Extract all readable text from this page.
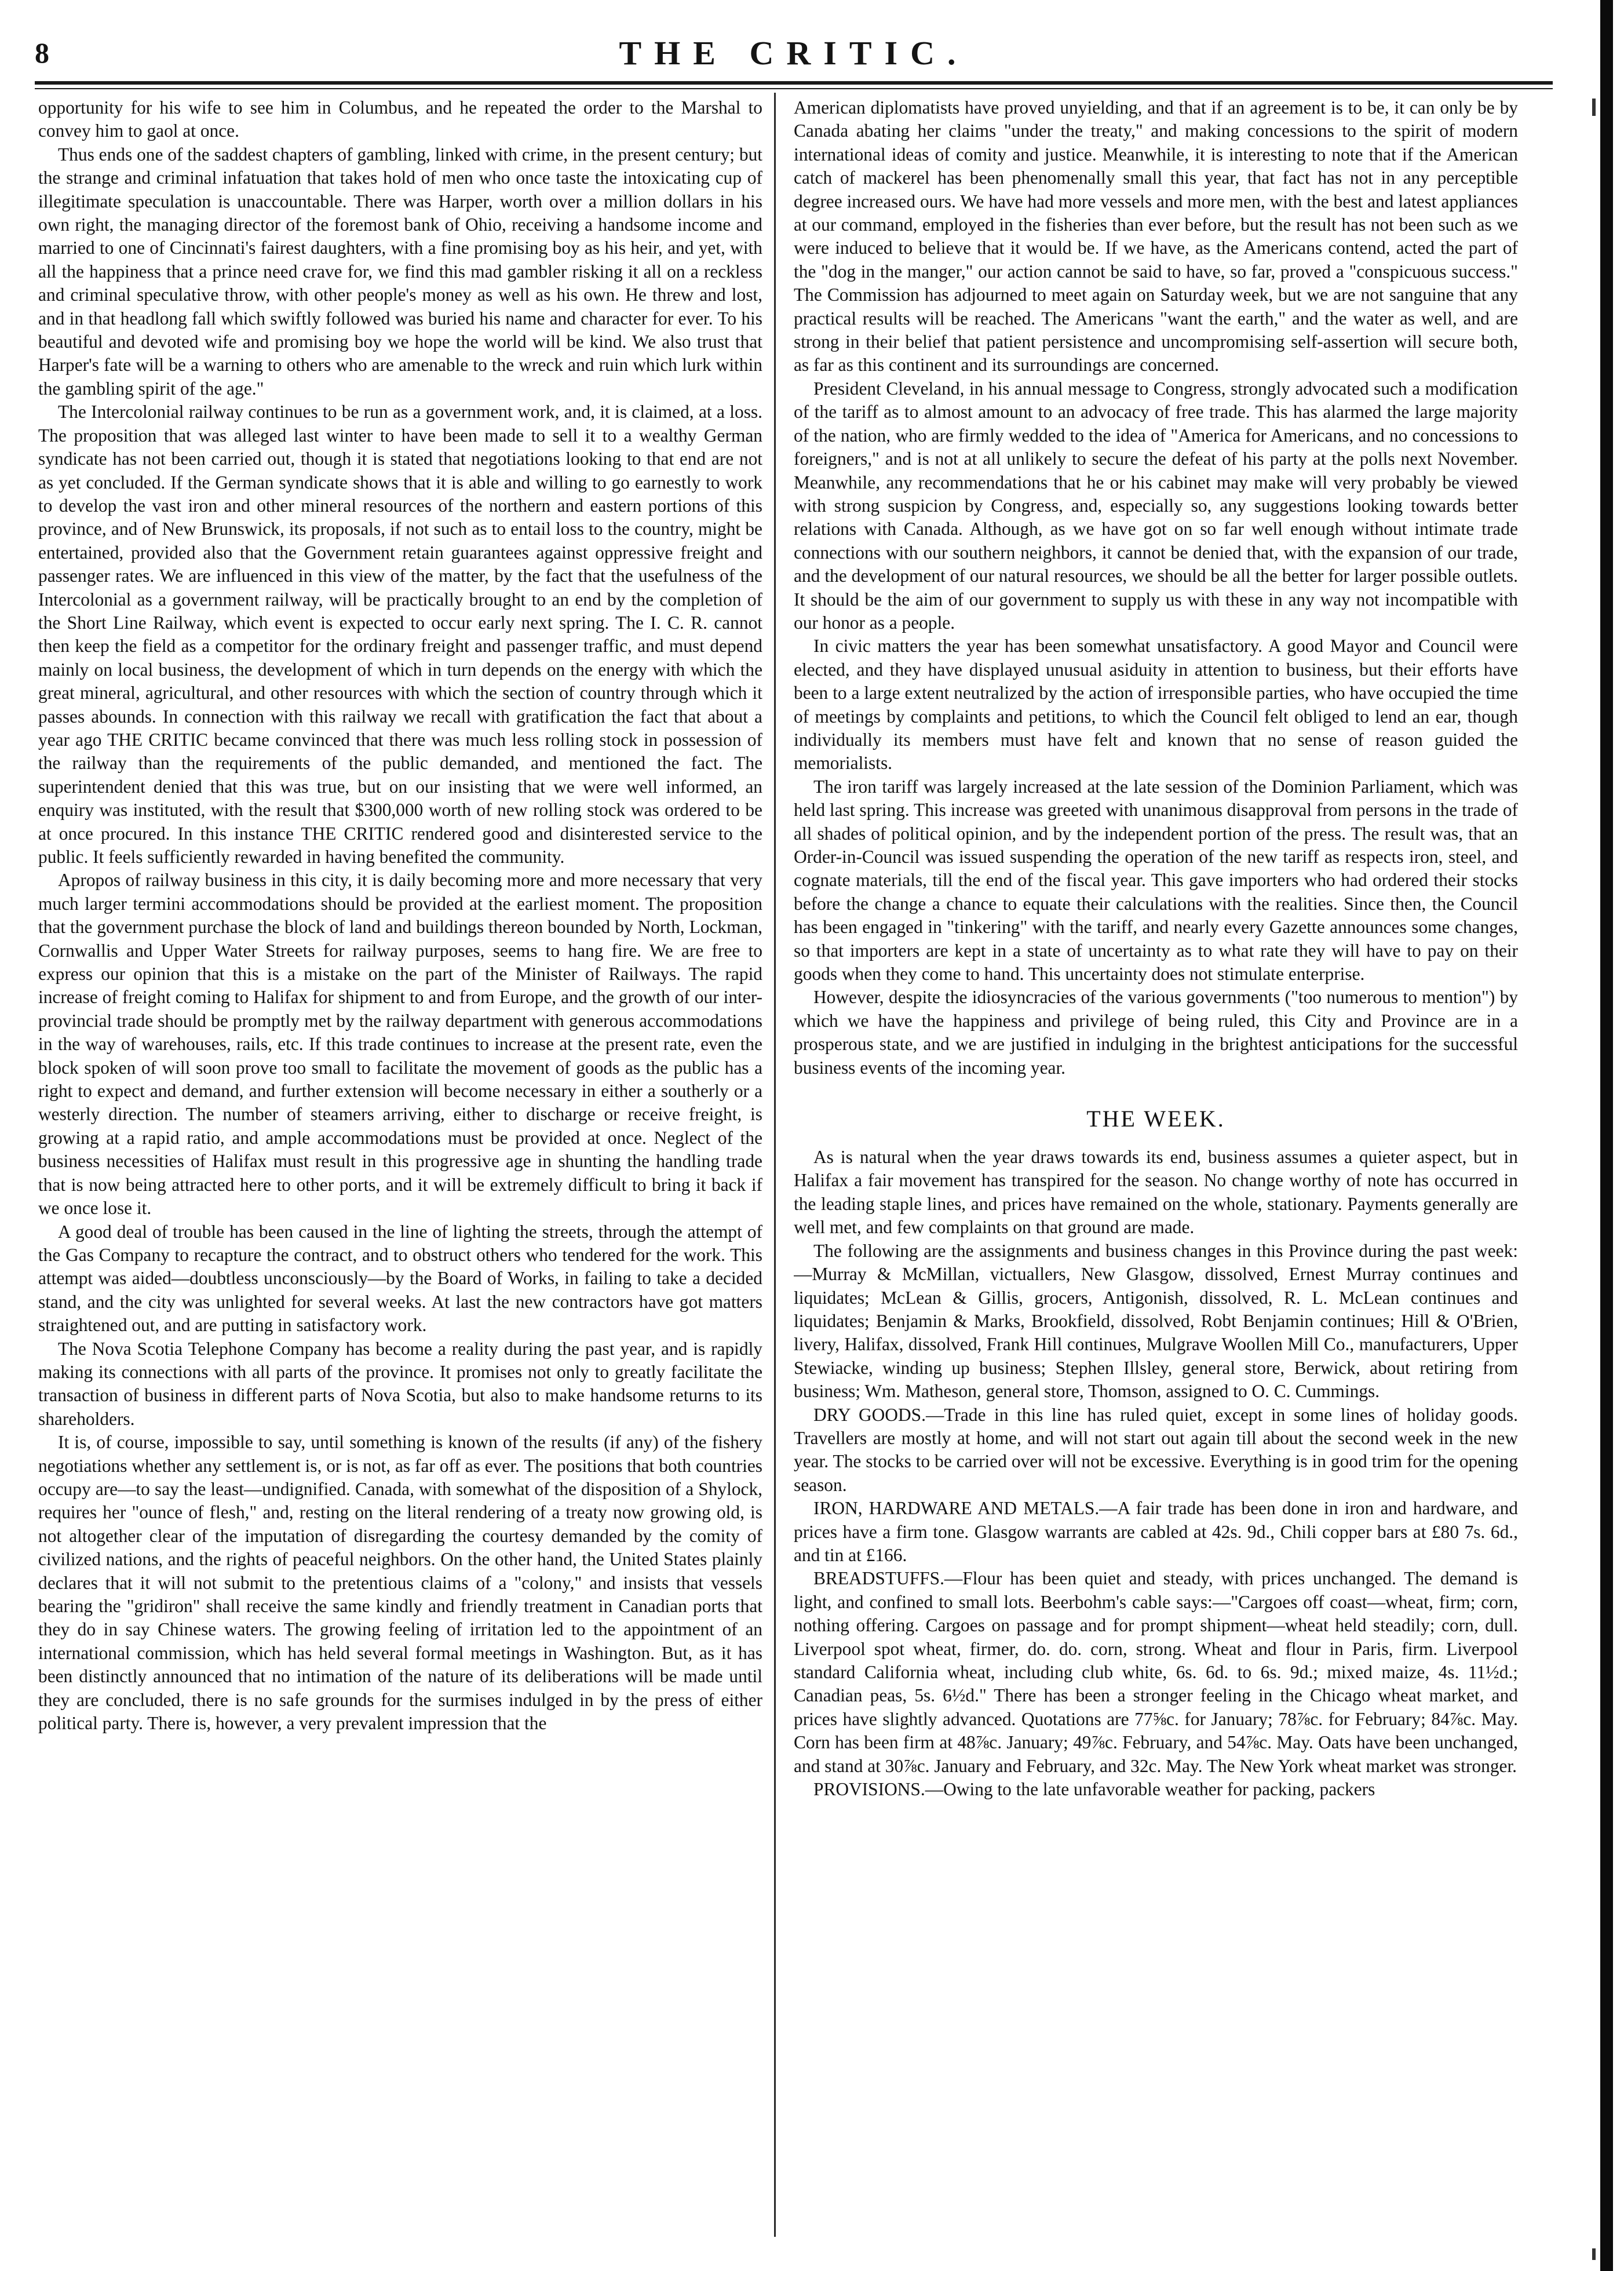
8	THE CRITIC.

opportunity for his wife to see him in Columbus, and he repeated the order to the Marshal to convey him to gaol at once.

Thus ends one of the saddest chapters of gambling, linked with crime, in the present century; but the strange and criminal infatuation that takes hold of men who once taste the intoxicating cup of illegitimate speculation is unaccountable. There was Harper, worth over a million dollars in his own right, the managing director of the foremost bank of Ohio, receiving a handsome income and married to one of Cincinnati's fairest daughters, with a fine promising boy as his heir, and yet, with all the happiness that a prince need crave for, we find this mad gambler risking it all on a reckless and criminal speculative throw, with other people's money as well as his own. He threw and lost, and in that headlong fall which swiftly followed was buried his name and character for ever. To his beautiful and devoted wife and promising boy we hope the world will be kind. We also trust that Harper's fate will be a warning to others who are amenable to the wreck and ruin which lurk within the gambling spirit of the age."

The Intercolonial railway continues to be run as a government work, and, it is claimed, at a loss. The proposition that was alleged last winter to have been made to sell it to a wealthy German syndicate has not been carried out, though it is stated that negotiations looking to that end are not as yet concluded. If the German syndicate shows that it is able and willing to go earnestly to work to develop the vast iron and other mineral resources of the northern and eastern portions of this province, and of New Brunswick, its proposals, if not such as to entail loss to the country, might be entertained, provided also that the Government retain guarantees against oppressive freight and passenger rates. We are influenced in this view of the matter, by the fact that the usefulness of the Intercolonial as a government railway, will be practically brought to an end by the completion of the Short Line Railway, which event is expected to occur early next spring. The I. C. R. cannot then keep the field as a competitor for the ordinary freight and passenger traffic, and must depend mainly on local business, the development of which in turn depends on the energy with which the great mineral, agricultural, and other resources with which the section of country through which it passes abounds. In connection with this railway we recall with gratification the fact that about a year ago THE CRITIC became convinced that there was much less rolling stock in possession of the railway than the requirements of the public demanded, and mentioned the fact. The superintendent denied that this was true, but on our insisting that we were well informed, an enquiry was instituted, with the result that $300,000 worth of new rolling stock was ordered to be at once procured. In this instance THE CRITIC rendered good and disinterested service to the public. It feels sufficiently rewarded in having benefited the community.

Apropos of railway business in this city, it is daily becoming more and more necessary that very much larger termini accommodations should be provided at the earliest moment. The proposition that the government purchase the block of land and buildings thereon bounded by North, Lockman, Cornwallis and Upper Water Streets for railway purposes, seems to hang fire. We are free to express our opinion that this is a mistake on the part of the Minister of Railways. The rapid increase of freight coming to Halifax for shipment to and from Europe, and the growth of our inter-provincial trade should be promptly met by the railway department with generous accommodations in the way of warehouses, rails, etc. If this trade continues to increase at the present rate, even the block spoken of will soon prove too small to facilitate the movement of goods as the public has a right to expect and demand, and further extension will become necessary in either a southerly or a westerly direction. The number of steamers arriving, either to discharge or receive freight, is growing at a rapid ratio, and ample accommodations must be provided at once. Neglect of the business necessities of Halifax must result in this progressive age in shunting the handling trade that is now being attracted here to other ports, and it will be extremely difficult to bring it back if we once lose it.

A good deal of trouble has been caused in the line of lighting the streets, through the attempt of the Gas Company to recapture the contract, and to obstruct others who tendered for the work. This attempt was aided—doubtless unconsciously—by the Board of Works, in failing to take a decided stand, and the city was unlighted for several weeks. At last the new contractors have got matters straightened out, and are putting in satisfactory work.

The Nova Scotia Telephone Company has become a reality during the past year, and is rapidly making its connections with all parts of the province. It promises not only to greatly facilitate the transaction of business in different parts of Nova Scotia, but also to make handsome returns to its shareholders.

It is, of course, impossible to say, until something is known of the results (if any) of the fishery negotiations whether any settlement is, or is not, as far off as ever. The positions that both countries occupy are—to say the least—undignified. Canada, with somewhat of the disposition of a Shylock, requires her "ounce of flesh," and, resting on the literal rendering of a treaty now growing old, is not altogether clear of the imputation of disregarding the courtesy demanded by the comity of civilized nations, and the rights of peaceful neighbors. On the other hand, the United States plainly declares that it will not submit to the pretentious claims of a "colony," and insists that vessels bearing the "gridiron" shall receive the same kindly and friendly treatment in Canadian ports that they do in say Chinese waters. The growing feeling of irritation led to the appointment of an international commission, which has held several formal meetings in Washington. But, as it has been distinctly announced that no intimation of the nature of its deliberations will be made until they are concluded, there is no safe grounds for the surmises indulged in by the press of either political party. There is, however, a very prevalent impression that the

American diplomatists have proved unyielding, and that if an agreement is to be, it can only be by Canada abating her claims "under the treaty," and making concessions to the spirit of modern international ideas of comity and justice. Meanwhile, it is interesting to note that if the American catch of mackerel has been phenomenally small this year, that fact has not in any perceptible degree increased ours. We have had more vessels and more men, with the best and latest appliances at our command, employed in the fisheries than ever before, but the result has not been such as we were induced to believe that it would be. If we have, as the Americans contend, acted the part of the "dog in the manger," our action cannot be said to have, so far, proved a "conspicuous success." The Commission has adjourned to meet again on Saturday week, but we are not sanguine that any practical results will be reached. The Americans "want the earth," and the water as well, and are strong in their belief that patient persistence and uncompromising self-assertion will secure both, as far as this continent and its surroundings are concerned.

President Cleveland, in his annual message to Congress, strongly advocated such a modification of the tariff as to almost amount to an advocacy of free trade. This has alarmed the large majority of the nation, who are firmly wedded to the idea of "America for Americans, and no concessions to foreigners," and is not at all unlikely to secure the defeat of his party at the polls next November. Meanwhile, any recommendations that he or his cabinet may make will very probably be viewed with strong suspicion by Congress, and, especially so, any suggestions looking towards better relations with Canada. Although, as we have got on so far well enough without intimate trade connections with our southern neighbors, it cannot be denied that, with the expansion of our trade, and the development of our natural resources, we should be all the better for larger possible outlets. It should be the aim of our government to supply us with these in any way not incompatible with our honor as a people.

In civic matters the year has been somewhat unsatisfactory. A good Mayor and Council were elected, and they have displayed unusual asiduity in attention to business, but their efforts have been to a large extent neutralized by the action of irresponsible parties, who have occupied the time of meetings by complaints and petitions, to which the Council felt obliged to lend an ear, though individually its members must have felt and known that no sense of reason guided the memorialists.

The iron tariff was largely increased at the late session of the Dominion Parliament, which was held last spring. This increase was greeted with unanimous disapproval from persons in the trade of all shades of political opinion, and by the independent portion of the press. The result was, that an Order-in-Council was issued suspending the operation of the new tariff as respects iron, steel, and cognate materials, till the end of the fiscal year. This gave importers who had ordered their stocks before the change a chance to equate their calculations with the realities. Since then, the Council has been engaged in "tinkering" with the tariff, and nearly every Gazette announces some changes, so that importers are kept in a state of uncertainty as to what rate they will have to pay on their goods when they come to hand. This uncertainty does not stimulate enterprise.

However, despite the idiosyncracies of the various governments ("too numerous to mention") by which we have the happiness and privilege of being ruled, this City and Province are in a prosperous state, and we are justified in indulging in the brightest anticipations for the successful business events of the incoming year.

THE WEEK.

As is natural when the year draws towards its end, business assumes a quieter aspect, but in Halifax a fair movement has transpired for the season. No change worthy of note has occurred in the leading staple lines, and prices have remained on the whole, stationary. Payments generally are well met, and few complaints on that ground are made.

The following are the assignments and business changes in this Province during the past week:—Murray & McMillan, victuallers, New Glasgow, dissolved, Ernest Murray continues and liquidates; McLean & Gillis, grocers, Antigonish, dissolved, R. L. McLean continues and liquidates; Benjamin & Marks, Brookfield, dissolved, Robt Benjamin continues; Hill & O'Brien, livery, Halifax, dissolved, Frank Hill continues, Mulgrave Woollen Mill Co., manufacturers, Upper Stewiacke, winding up business; Stephen Illsley, general store, Berwick, about retiring from business; Wm. Matheson, general store, Thomson, assigned to O. C. Cummings.

DRY GOODS.—Trade in this line has ruled quiet, except in some lines of holiday goods. Travellers are mostly at home, and will not start out again till about the second week in the new year. The stocks to be carried over will not be excessive. Everything is in good trim for the opening season.

IRON, HARDWARE AND METALS.—A fair trade has been done in iron and hardware, and prices have a firm tone. Glasgow warrants are cabled at 42s. 9d., Chili copper bars at £80 7s. 6d., and tin at £166.

BREADSTUFFS.—Flour has been quiet and steady, with prices unchanged. The demand is light, and confined to small lots. Beerbohm's cable says:—"Cargoes off coast—wheat, firm; corn, nothing offering. Cargoes on passage and for prompt shipment—wheat held steadily; corn, dull. Liverpool spot wheat, firmer, do. do. corn, strong. Wheat and flour in Paris, firm. Liverpool standard California wheat, including club white, 6s. 6d. to 6s. 9d.; mixed maize, 4s. 11½d.; Canadian peas, 5s. 6½d." There has been a stronger feeling in the Chicago wheat market, and prices have slightly advanced. Quotations are 77⅝c. for January; 78⅞c. for February; 84⅞c. May. Corn has been firm at 48⅞c. January; 49⅞c. February, and 54⅞c. May. Oats have been unchanged, and stand at 30⅞c. January and February, and 32c. May. The New York wheat market was stronger.

PROVISIONS.—Owing to the late unfavorable weather for packing, packers
